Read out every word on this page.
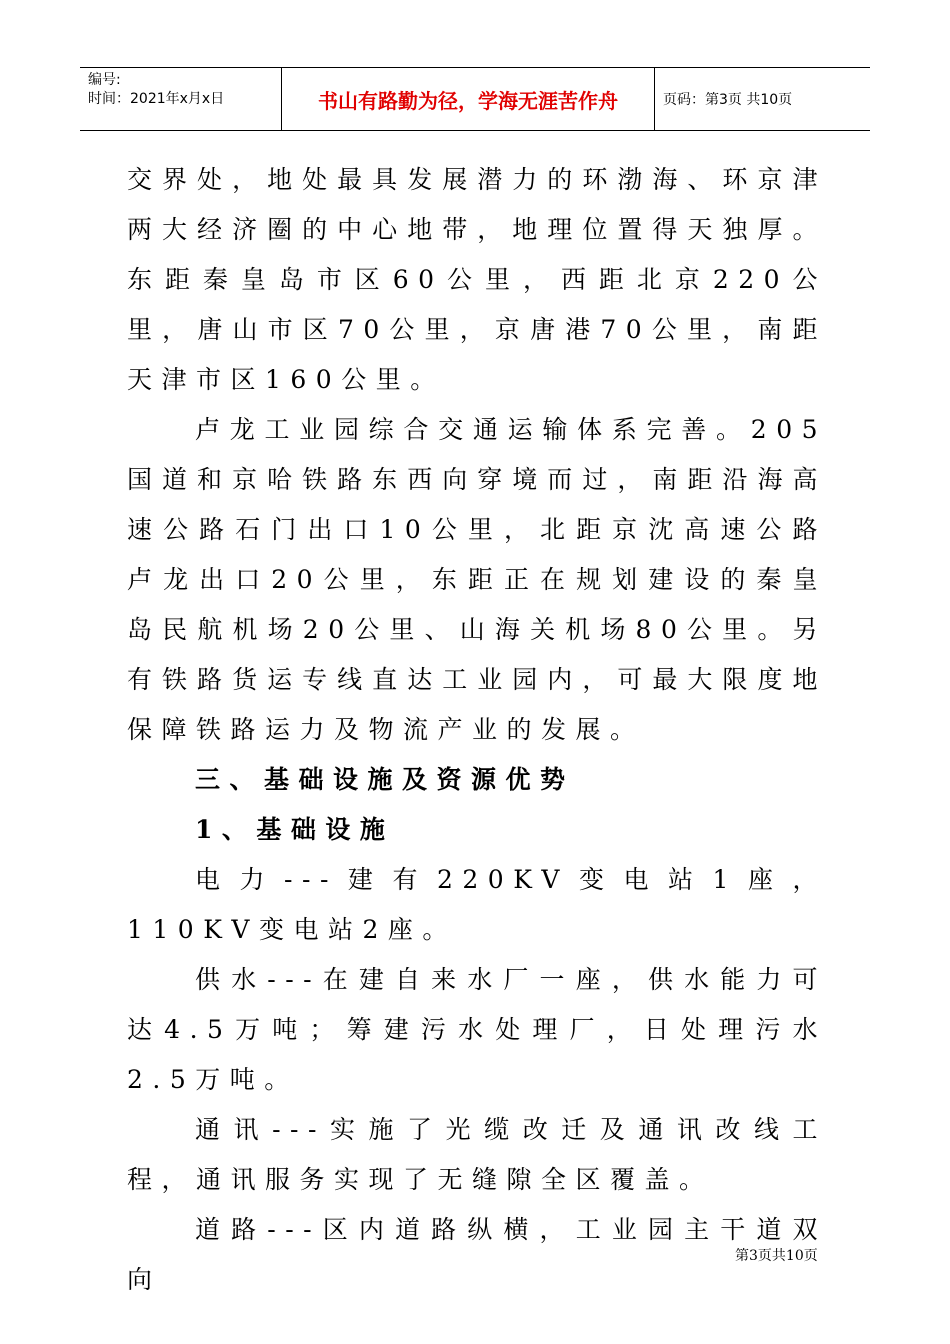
编号:
时间：2021年x月x日	书山有路勤为径，学海无涯苦作舟	页码：第3页 共10页

交界处，地处最具发展潜力的环渤海、环京津两大经济圈的中心地带，地理位置得天独厚。东距秦皇岛市区60公里，西距北京220公里，唐山市区70公里，京唐港70公里，南距天津市区160公里。

卢龙工业园综合交通运输体系完善。205国道和京哈铁路东西向穿境而过，南距沿海高速公路石门出口10公里，北距京沈高速公路卢龙出口20公里，东距正在规划建设的秦皇岛民航机场20公里、山海关机场80公里。另有铁路货运专线直达工业园内，可最大限度地保障铁路运力及物流产业的发展。

三、基础设施及资源优势

1、基础设施

电力---建有220KV变电站1座，110KV变电站2座。

供水---在建自来水厂一座，供水能力可达4.5万吨；筹建污水处理厂，日处理污水2.5万吨。

通讯---实施了光缆改迁及通讯改线工程，通讯服务实现了无缝隙全区覆盖。

道路---区内道路纵横，工业园主干道双向

第3页共10页
